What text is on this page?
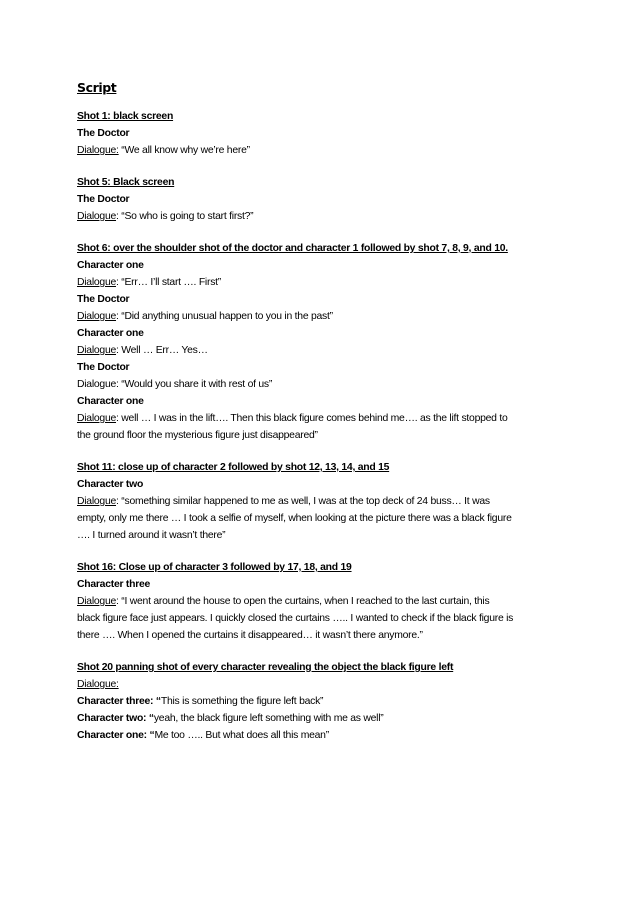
Script
Shot 1: black screen
The Doctor
Dialogue: “We all know why we’re here”
Shot 5: Black screen
The Doctor
Dialogue: “So who is going to start first?”
Shot 6: over the shoulder shot of the doctor and character 1 followed by shot 7, 8, 9, and 10.
Character one
Dialogue: “Err… I’ll start …. First”
The Doctor
Dialogue: “Did anything unusual happen to you in the past”
Character one
Dialogue: Well … Err… Yes…
The Doctor
Dialogue: “Would you share it with rest of us”
Character one
Dialogue: well … I was in the lift…. Then this black figure comes behind me…. as the lift stopped to
the ground floor the mysterious figure just disappeared”
Shot 11: close up of character 2 followed by shot 12, 13, 14, and 15
Character two
Dialogue: “something similar happened to me as well, I was at the top deck of 24 buss… It was
empty, only me there … I took a selfie of myself, when looking at the picture there was a black figure
…. I turned around it wasn’t there”
Shot 16: Close up of character 3 followed by 17, 18, and 19
Character three
Dialogue: “I went around the house to open the curtains, when I reached to the last curtain, this
black figure face just appears. I quickly closed the curtains ….. I wanted to check if the black figure is
there …. When I opened the curtains it disappeared… it wasn’t there anymore.”
Shot 20 panning shot of every character revealing the object the black figure left
Dialogue:
Character three: “This is something the figure left back”
Character two: “yeah, the black figure left something with me as well”
Character one: “Me too ….. But what does all this mean”
